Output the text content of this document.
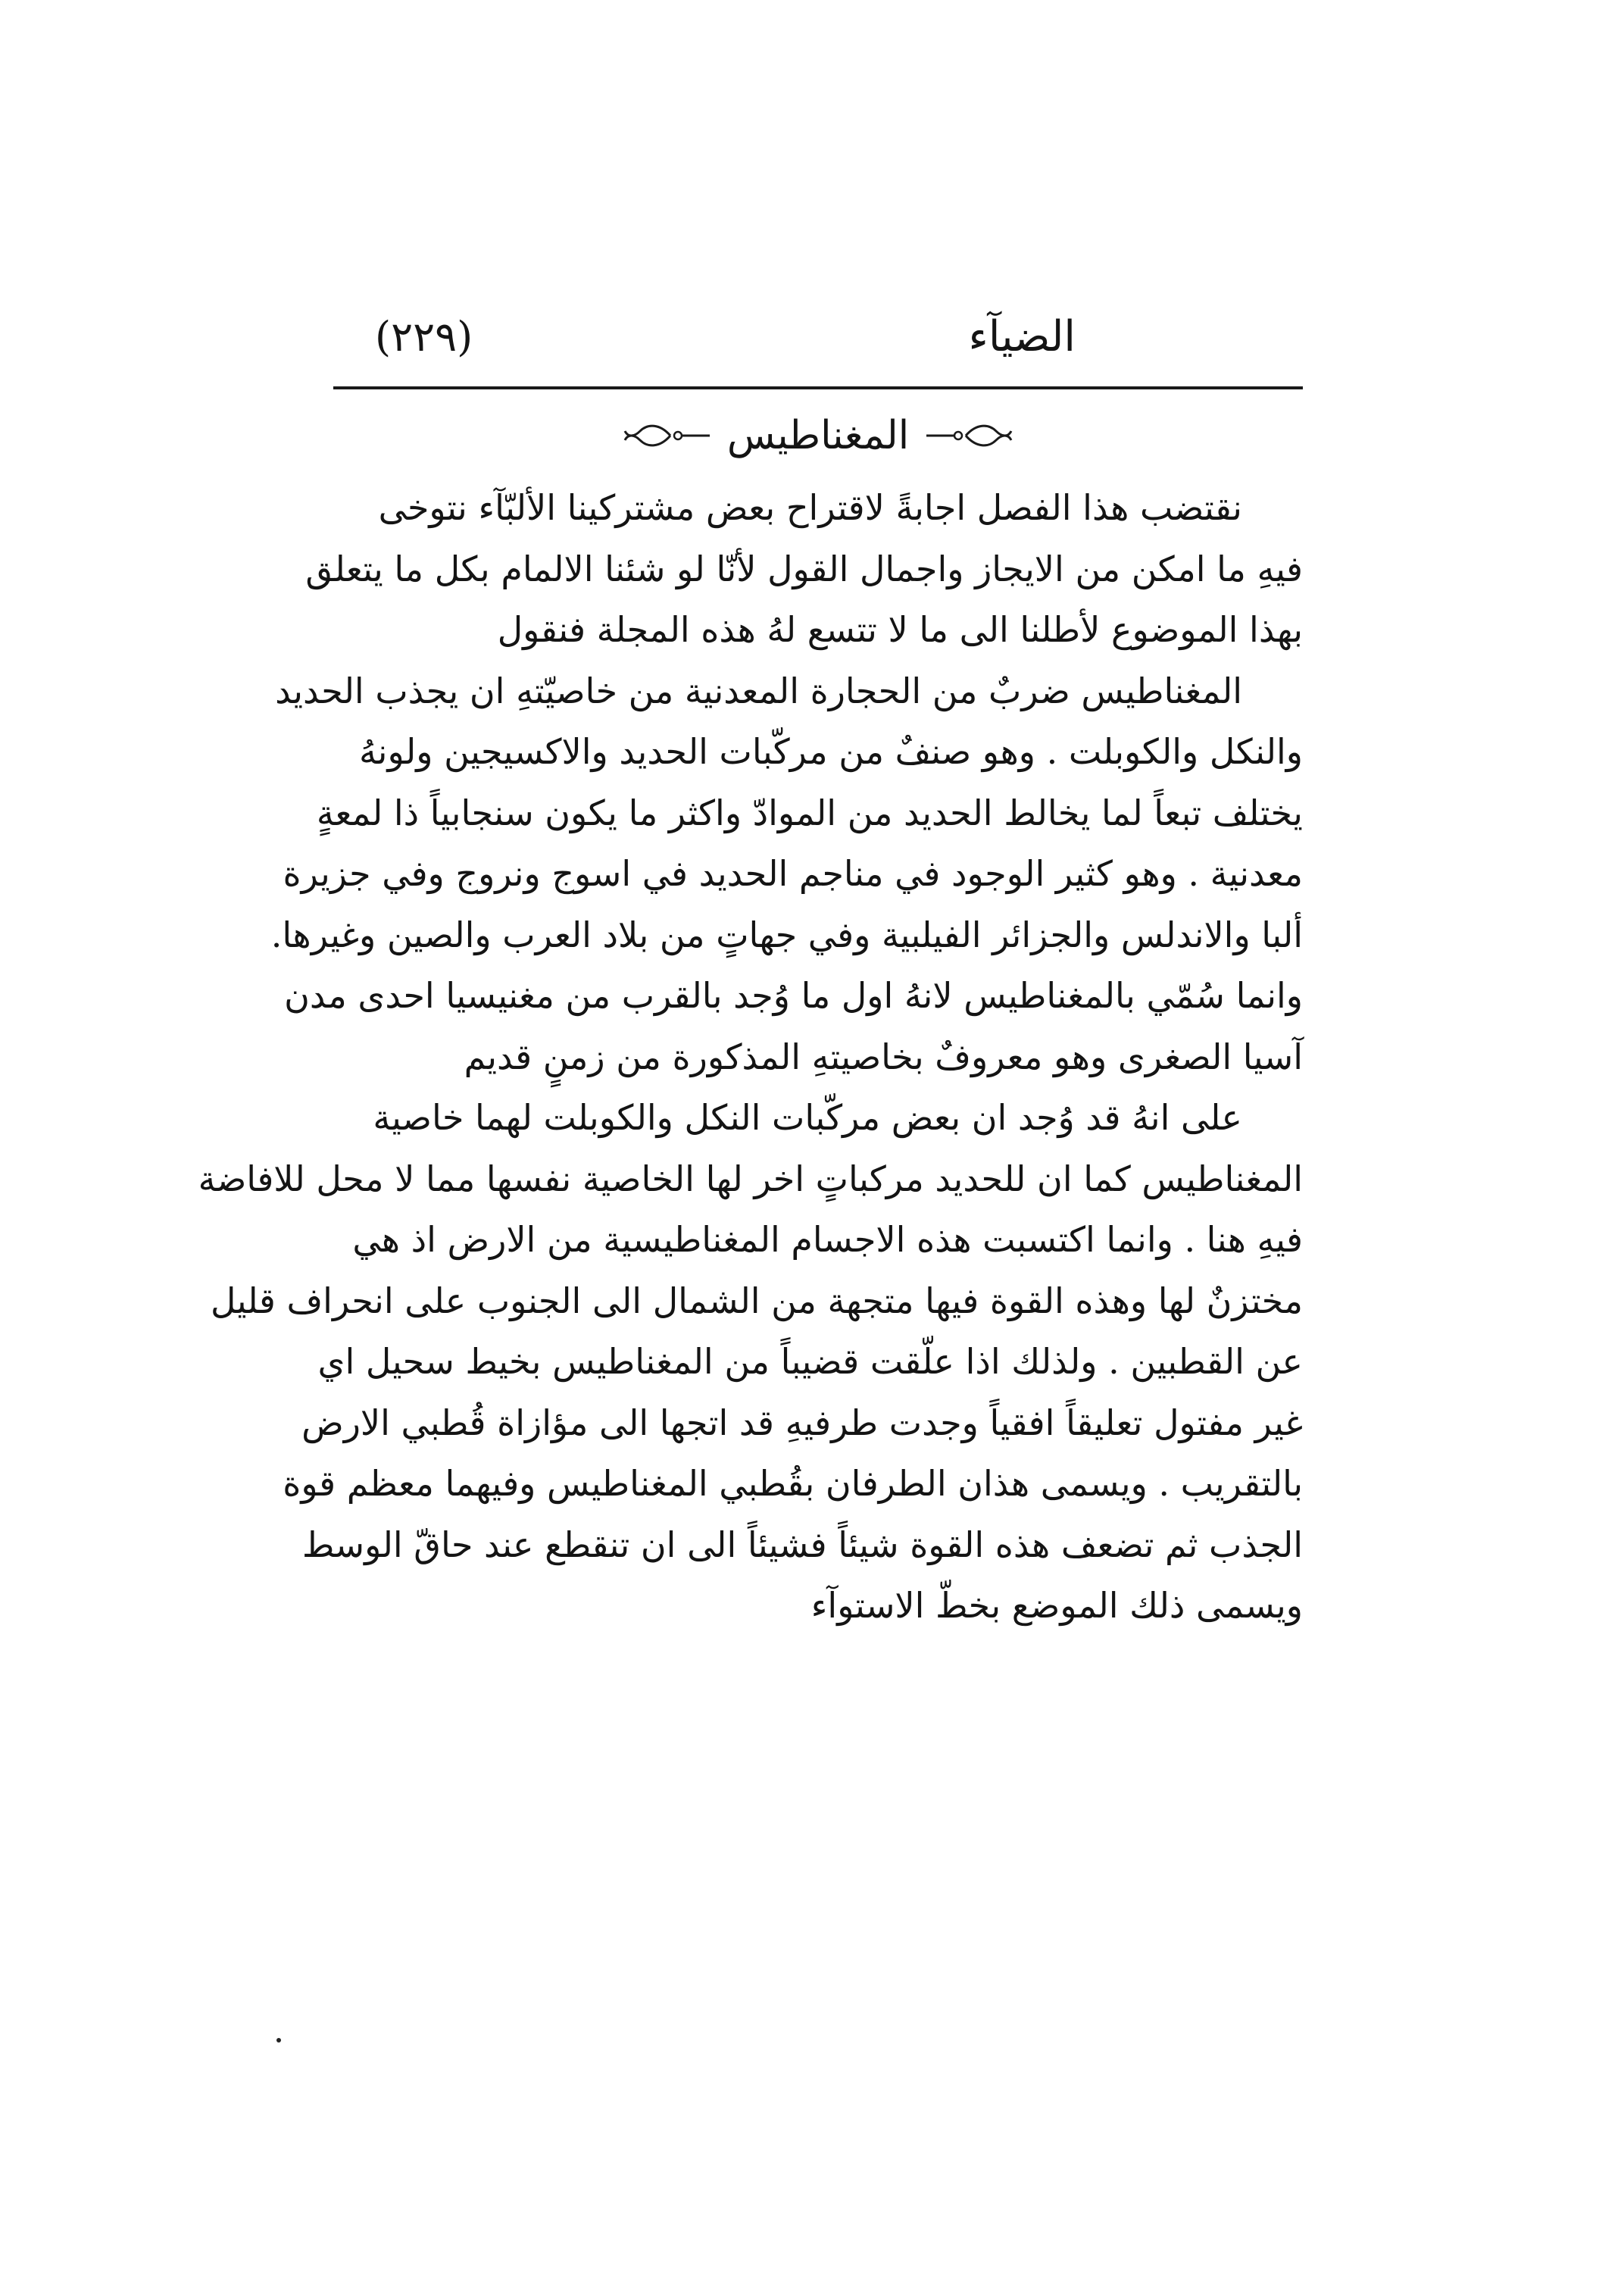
الضيآء
(٢٢٩)
المغناطيس
نقتضب هذا الفصل اجابةً لاقتراح بعض مشتركينا الألبّآء نتوخى
فيهِ ما امكن من الايجاز واجمال القول لأنّا لو شئنا الالمام بكل ما يتعلق
بهذا الموضوع لأطلنا الى ما لا تتسع لهُ هذه المجلة فنقول
المغناطيس ضربٌ من الحجارة المعدنية من خاصيّتهِ ان يجذب الحديد
والنكل والكوبلت . وهو صنفٌ من مركّبات الحديد والاكسيجين ولونهُ
يختلف تبعاً لما يخالط الحديد من الموادّ واكثر ما يكون سنجابياً ذا لمعةٍ
معدنية . وهو كثير الوجود في مناجم الحديد في اسوج ونروج وفي جزيرة
ألبا والاندلس والجزائر الفيلبية وفي جهاتٍ من بلاد العرب والصين وغيرها.
وانما سُمّي بالمغناطيس لانهُ اول ما وُجد بالقرب من مغنيسيا احدى مدن
آسيا الصغرى وهو معروفٌ بخاصيتهِ المذكورة من زمنٍ قديم
على انهُ قد وُجد ان بعض مركّبات النكل والكوبلت لهما خاصية
المغناطيس كما ان للحديد مركباتٍ اخر لها الخاصية نفسها مما لا محل للافاضة
فيهِ هنا . وانما اكتسبت هذه الاجسام المغناطيسية من الارض اذ هي
مختزنٌ لها وهذه القوة فيها متجهة من الشمال الى الجنوب على انحراف قليل
عن القطبين . ولذلك اذا علّقت قضيباً من المغناطيس بخيط سحيل اي
غير مفتول تعليقاً افقياً وجدت طرفيهِ قد اتجها الى مؤازاة قُطبي الارض
بالتقريب . ويسمى هذان الطرفان بقُطبي المغناطيس وفيهما معظم قوة
الجذب ثم تضعف هذه القوة شيئاً فشيئاً الى ان تنقطع عند حاقّ الوسط
ويسمى ذلك الموضع بخطّ الاستوآء
